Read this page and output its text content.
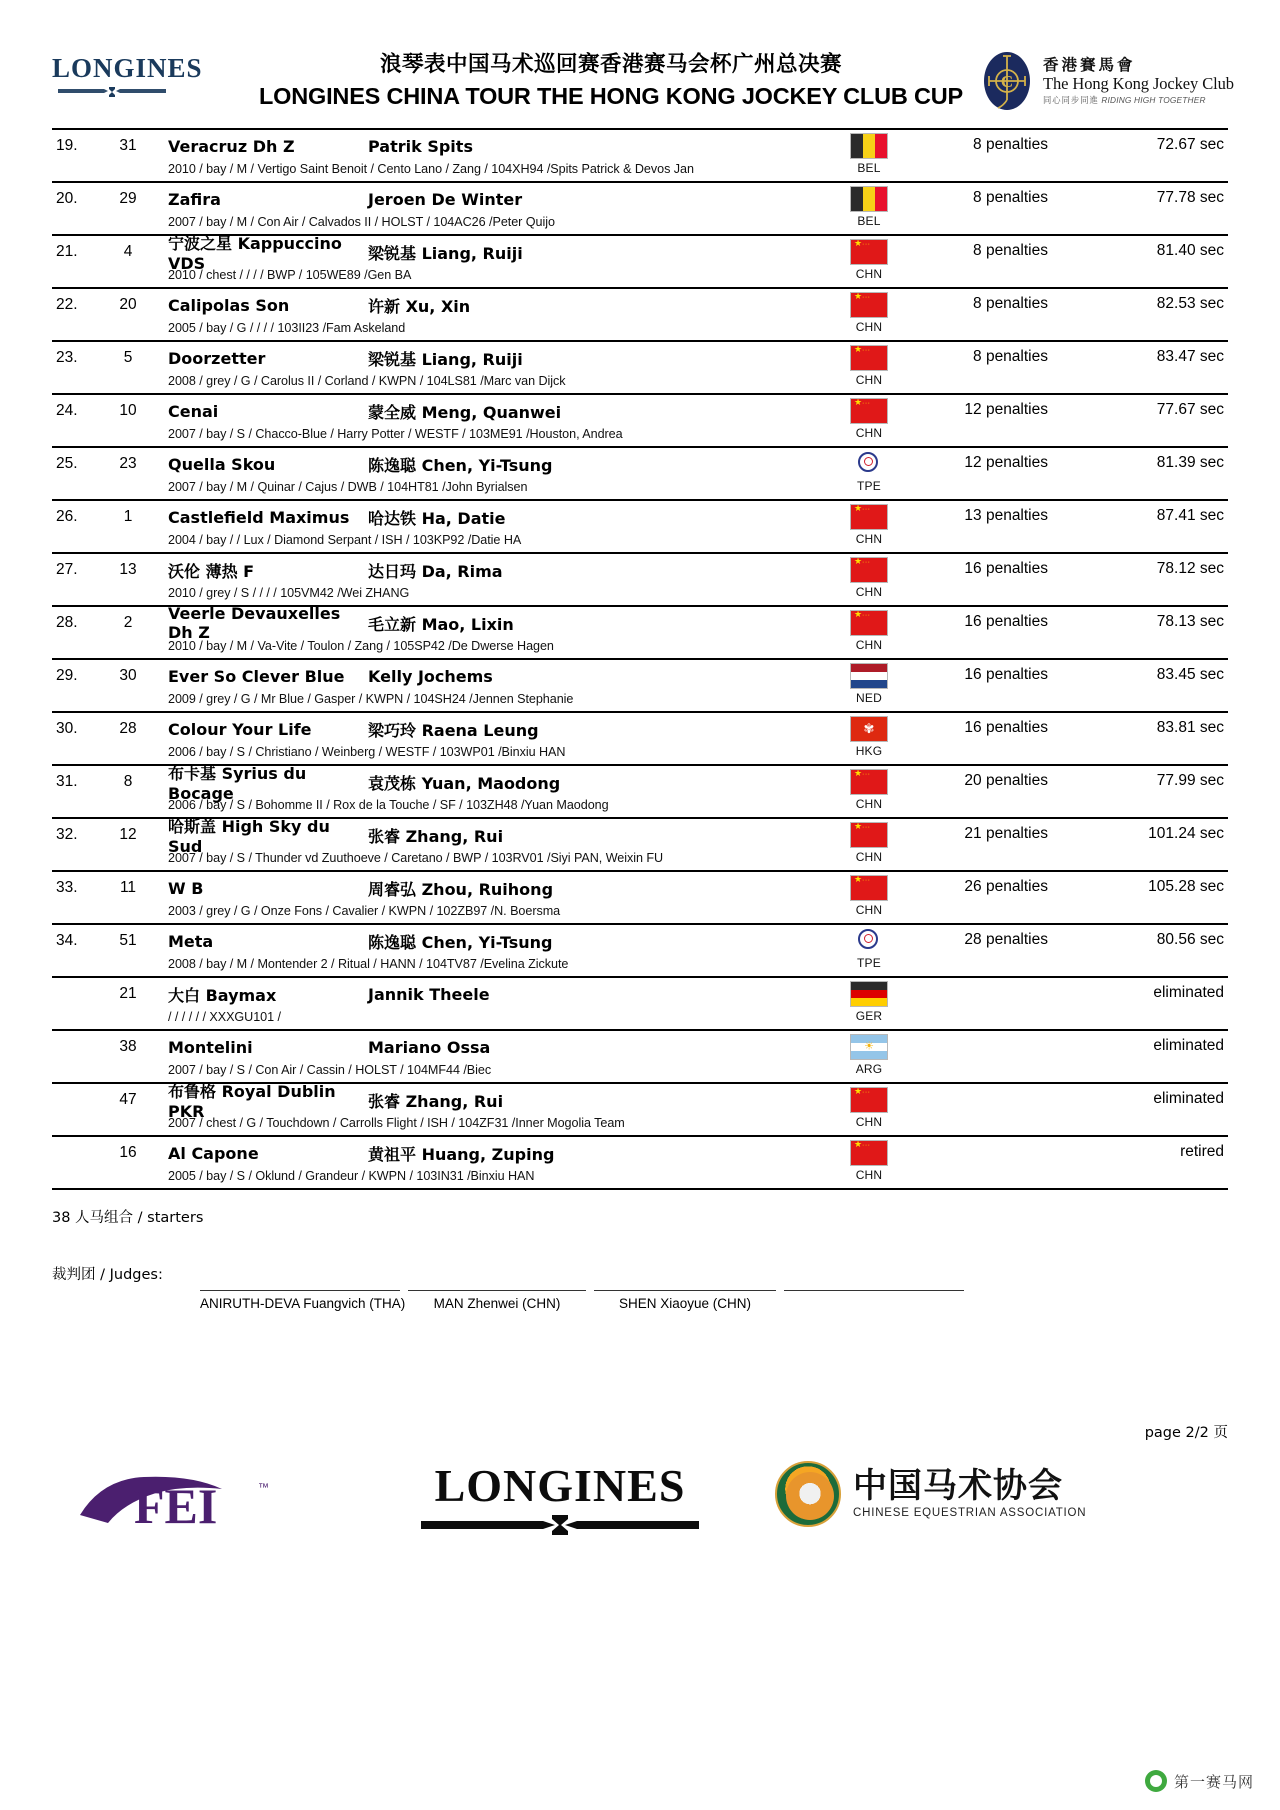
LONGINES	浪琴表中国马术巡回赛香港赛马会杯广州总决赛
LONGINES CHINA TOUR THE HONG KONG JOCKEY CLUB CUP
C
香港賽馬會
The Hong Kong Jockey Club
同心同步同進 RIDING HIGH TOGETHER
19.	31	Veracruz Dh Z	Patrik Spits
2010 / bay / M / Vertigo Saint Benoit / Cento Lano / Zang / 104XH94 /Spits Patrick & Devos Jan	BEL
8 penalties	72.67 sec
20.	29	Zafira	Jeroen De Winter
2007 / bay / M / Con Air / Calvados II / HOLST / 104AC26 /Peter Quijo	BEL
8 penalties	77.78 sec
21.	4	宁波之星 Kappuccino VDS
梁锐基 Liang, Ruiji
2010 / chest / / / / BWP / 105WE89 /Gen BA
★ ···	CHN
8 penalties	81.40 sec
22.	20	Calipolas Son	许新 Xu, Xin
2005 / bay / G / / / / 103II23 /Fam Askeland
★ ···	CHN
8 penalties	82.53 sec
23.	5	Doorzetter	梁锐基 Liang, Ruiji
2008 / grey / G / Carolus II / Corland / KWPN / 104LS81 /Marc van Dijck
★ ···	CHN
8 penalties	83.47 sec
24.	10	Cenai	蒙全威 Meng, Quanwei
2007 / bay / S / Chacco-Blue / Harry Potter / WESTF / 103ME91 /Houston, Andrea
★ ···	CHN
12 penalties	77.67 sec
25.	23	Quella Skou	陈逸聪 Chen, Yi-Tsung
2007 / bay / M / Quinar / Cajus / DWB / 104HT81 /John Byrialsen	TPE
12 penalties	81.39 sec
26.	1	Castlefield Maximus	哈达铁 Ha, Datie
2004 / bay / / Lux / Diamond Serpant / ISH / 103KP92 /Datie HA
★ ···	CHN
13 penalties	87.41 sec
27.	13	沃伦 薄热 F	达日玛 Da, Rima
2010 / grey / S / / / / 105VM42 /Wei ZHANG
★ ···	CHN
16 penalties	78.12 sec
28.	2	Veerle Devauxelles Dh Z	毛立新 Mao, Lixin
2010 / bay / M / Va-Vite / Toulon / Zang / 105SP42 /De Dwerse Hagen
★ ···	CHN
16 penalties	78.13 sec
29.	30	Ever So Clever Blue	Kelly Jochems
2009 / grey / G / Mr Blue / Gasper / KWPN / 104SH24 /Jennen Stephanie	NED
16 penalties	83.45 sec
30.	28	Colour Your Life	梁巧玲 Raena Leung
2006 / bay / S / Christiano / Weinberg / WESTF / 103WP01 /Binxiu HAN
✾	HKG
16 penalties	83.81 sec
31.	8	布卡基 Syrius du Bocage
袁茂栋 Yuan, Maodong
2006 / bay / S / Bohomme II / Rox de la Touche / SF / 103ZH48 /Yuan Maodong
★ ···	CHN
20 penalties	77.99 sec
32.	12	哈斯盖 High Sky du Sud
张睿 Zhang, Rui
2007 / bay / S / Thunder vd Zuuthoeve / Caretano / BWP / 103RV01 /Siyi PAN, Weixin FU
★ ···	CHN
21 penalties	101.24 sec
33.	11	W B	周睿弘 Zhou, Ruihong
2003 / grey / G / Onze Fons / Cavalier / KWPN / 102ZB97 /N. Boersma
★ ···	CHN
26 penalties	105.28 sec
34.	51	Meta	陈逸聪 Chen, Yi-Tsung
2008 / bay / M / Montender 2 / Ritual / HANN / 104TV87 /Evelina Zickute	TPE
28 penalties	80.56 sec
21	大白 Baymax	Jannik Theele
/ / / / / / XXXGU101 /	GER
eliminated
38	Montelini	Mariano Ossa
2007 / bay / S / Con Air / Cassin / HOLST / 104MF44 /Biec
☀	ARG
eliminated
47	布鲁格 Royal Dublin PKR
张睿 Zhang, Rui
2007 / chest / G / Touchdown / Carrolls Flight / ISH / 104ZF31 /Inner Mogolia Team
★ ···	CHN
eliminated
16	Al Capone	黄祖平 Huang, Zuping
2005 / bay / S / Oklund / Grandeur / KWPN / 103IN31 /Binxiu HAN
★ ···	CHN
retired
38 人马组合 / starters
裁判团 / Judges:
ANIRUTH-DEVA Fuangvich (THA)	MAN Zhenwei (CHN)	SHEN Xiaoyue (CHN)
page 2/2 页
FEI	™	LONGINES	中国马术协会
CHINESE EQUESTRIAN ASSOCIATION
第一赛马网
